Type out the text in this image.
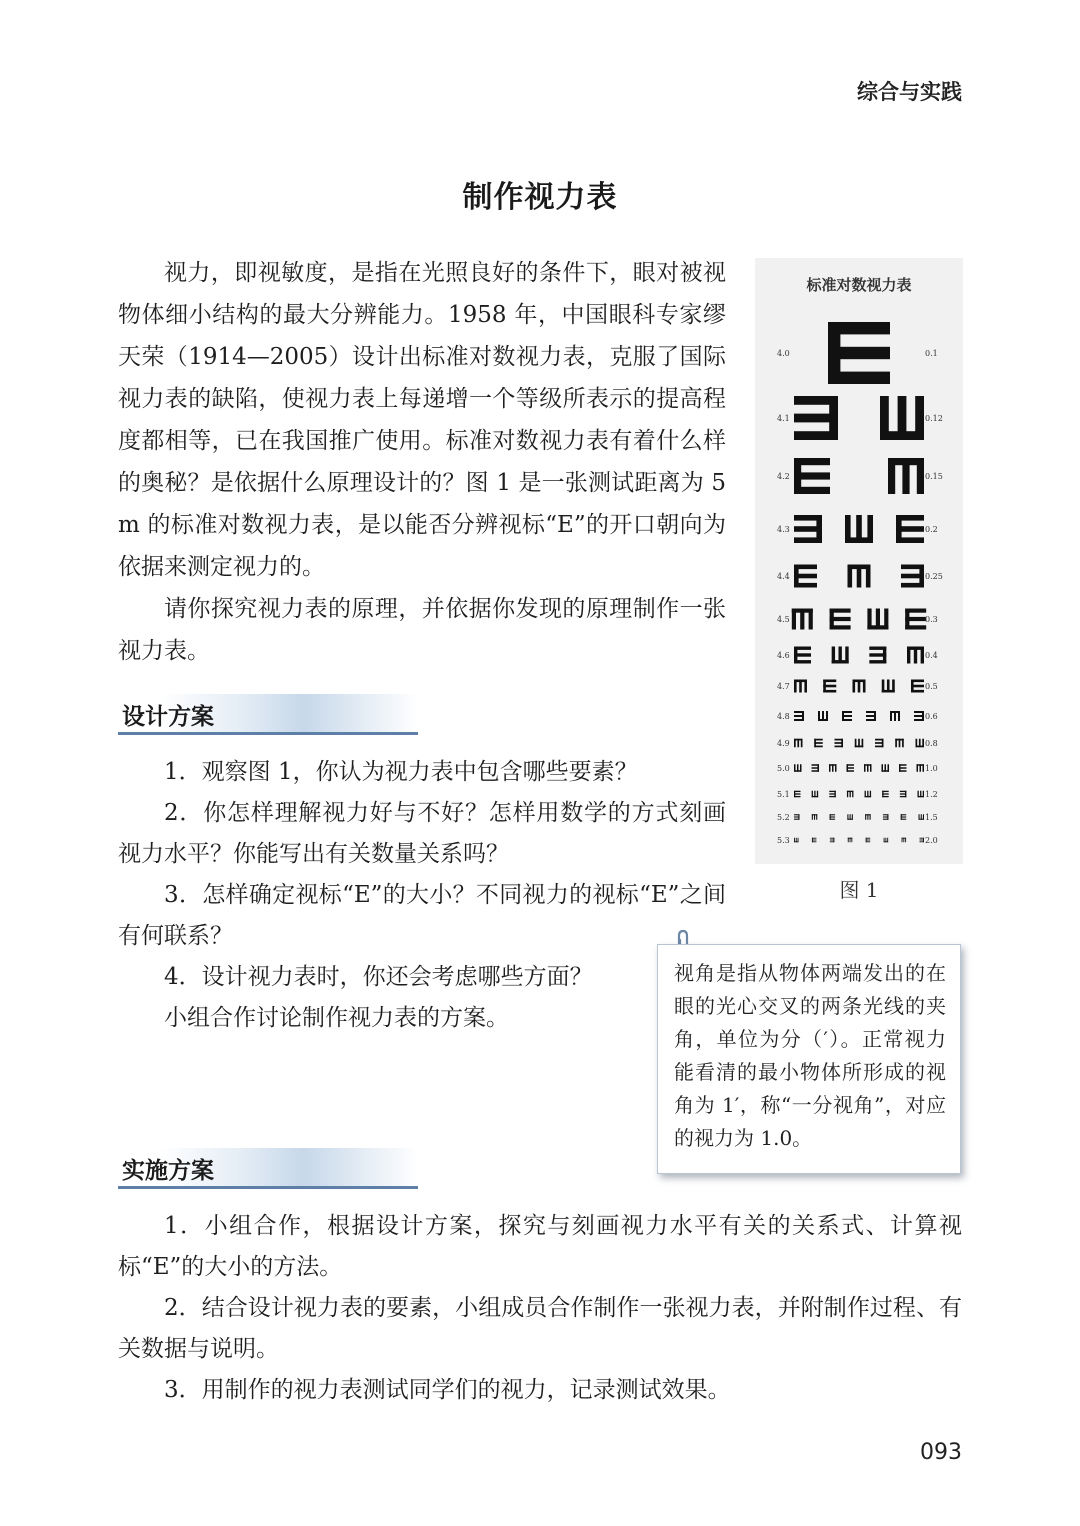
综合与实践
制作视力表

视力，即视敏度，是指在光照良好的条件下，眼对被视物体细小结构的最大分辨能力。1958 年，中国眼科专家缪天荣（1914—2005）设计出标准对数视力表，克服了国际视力表的缺陷，使视力表上每递增一个等级所表示的提高程度都相等，已在我国推广使用。标准对数视力表有着什么样的奥秘？是依据什么原理设计的？图 1 是一张测试距离为 5 m 的标准对数视力表，是以能否分辨视标“E”的开口朝向为依据来测定视力的。

请你探究视力表的原理，并依据你发现的原理制作一张视力表。

设计方案

1．观察图 1，你认为视力表中包含哪些要素？

2．你怎样理解视力好与不好？怎样用数学的方式刻画视力水平？你能写出有关数量关系吗？

3．怎样确定视标“E”的大小？不同视力的视标“E”之间有何联系？

4．设计视力表时，你还会考虑哪些方面？

小组合作讨论制作视力表的方案。

标准对数视力表
4.0	0.1
4.1	0.12
4.2	0.15
4.3	0.2
4.4	0.25
4.5	0.3
4.6	0.4
4.7	0.5
4.8	0.6
4.9	0.8
5.0	1.0
5.1	1.2
5.2	1.5
5.3	2.0
图 1
视角是指从物体两端发出的在眼的光心交叉的两条光线的夹角，单位为分（′）。正常视力能看清的最小物体所形成的视角为 1′，称“一分视角”，对应的视力为 1.0。
实施方案

1．小组合作，根据设计方案，探究与刻画视力水平有关的关系式、计算视标“E”的大小的方法。

2．结合设计视力表的要素，小组成员合作制作一张视力表，并附制作过程、有关数据与说明。

3．用制作的视力表测试同学们的视力，记录测试效果。

093
